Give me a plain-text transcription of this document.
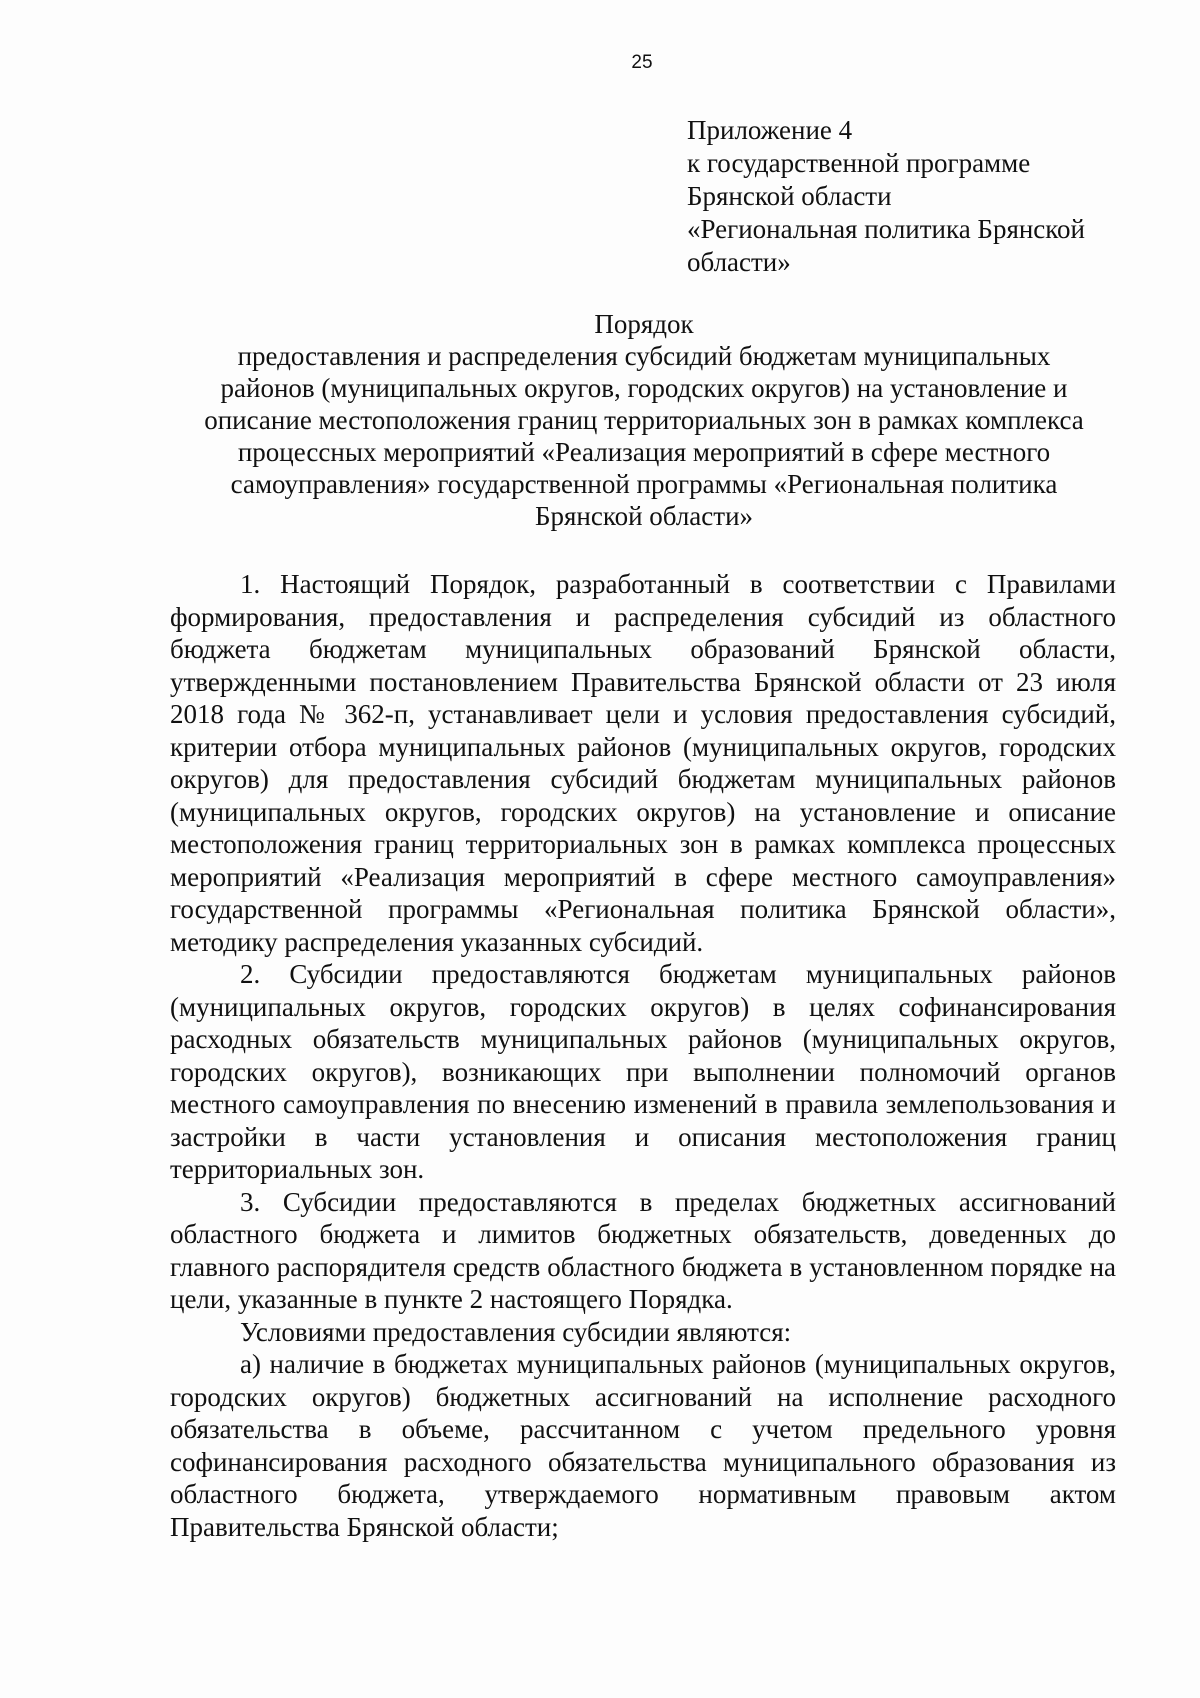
25
Приложение 4
к государственной программе
Брянской области
«Региональная политика Брянской
области»
Порядок
предоставления и распределения субсидий бюджетам муниципальных
районов (муниципальных округов, городских округов) на установление и
описание местоположения границ территориальных зон в рамках комплекса
процессных мероприятий «Реализация мероприятий в сфере местного
самоуправления» государственной программы «Региональная политика
Брянской области»

1. Настоящий Порядок, разработанный в соответствии с Правилами формирования, предоставления и распределения субсидий из областного бюджета бюджетам муниципальных образований Брянской области, утвержденными постановлением Правительства Брянской области от 23 июля 2018 года № 362-п, устанавливает цели и условия предоставления субсидий, критерии отбора муниципальных районов (муниципальных округов, городских округов) для предоставления субсидий бюджетам муниципальных районов (муниципальных округов, городских округов) на установление и описание местоположения границ территориальных зон в рамках комплекса процессных мероприятий «Реализация мероприятий в сфере местного самоуправления» государственной программы «Региональная политика Брянской области», методику распределения указанных субсидий.

2. Субсидии предоставляются бюджетам муниципальных районов (муниципальных округов, городских округов) в целях софинансирования расходных обязательств муниципальных районов (муниципальных округов, городских округов), возникающих при выполнении полномочий органов местного самоуправления по внесению изменений в правила землепользования и застройки в части установления и описания местоположения границ территориальных зон.

3. Субсидии предоставляются в пределах бюджетных ассигнований областного бюджета и лимитов бюджетных обязательств, доведенных до главного распорядителя средств областного бюджета в установленном порядке на цели, указанные в пункте 2 настоящего Порядка.

Условиями предоставления субсидии являются:

а) наличие в бюджетах муниципальных районов (муниципальных округов, городских округов) бюджетных ассигнований на исполнение расходного обязательства в объеме, рассчитанном с учетом предельного уровня софинансирования расходного обязательства муниципального образования из областного бюджета, утверждаемого нормативным правовым актом Правительства Брянской области;
